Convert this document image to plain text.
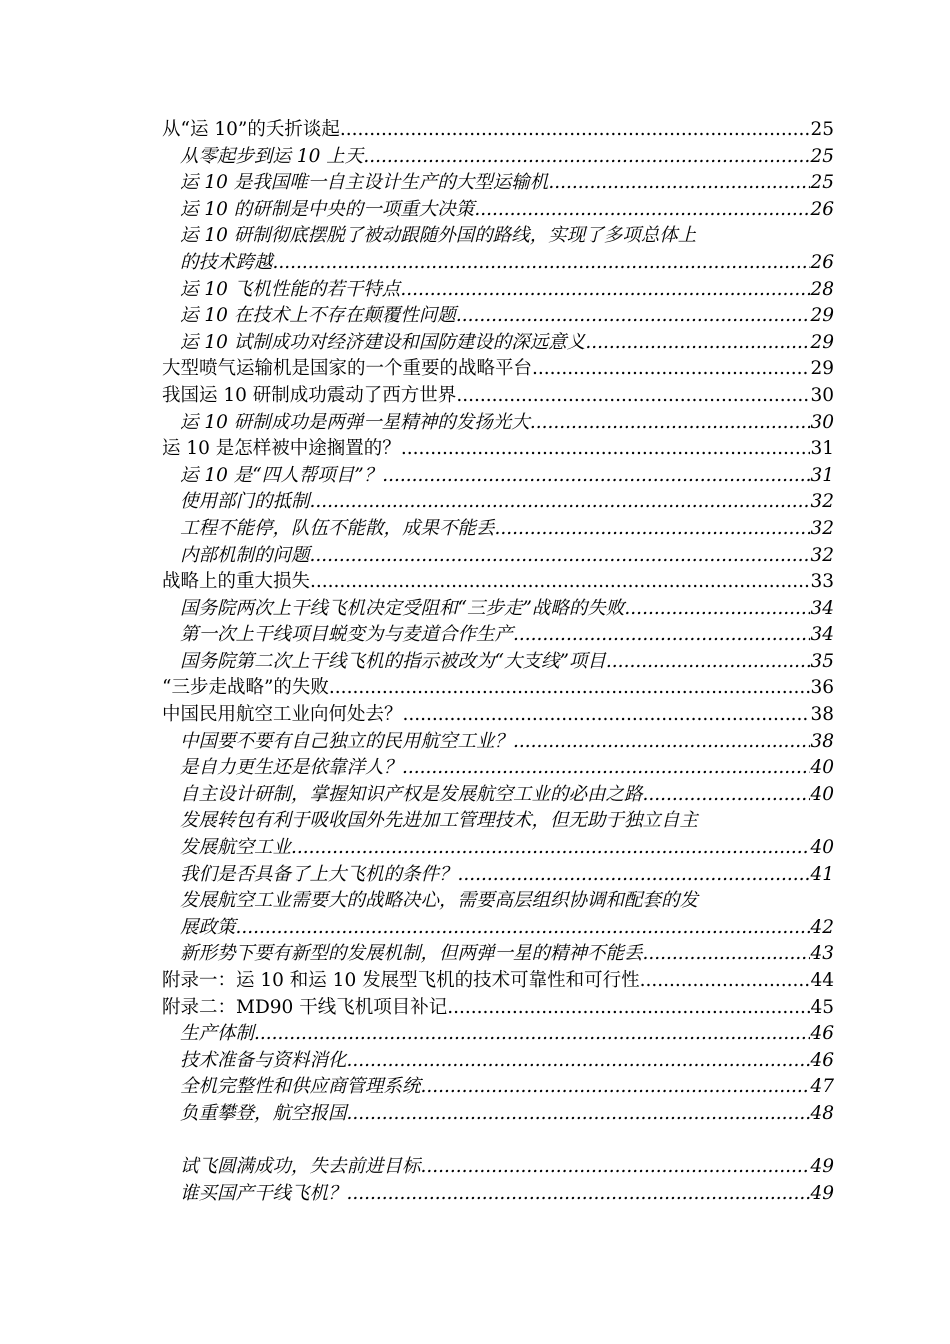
从“运 10”的夭折谈起 .....	25
从零起步到运 10 上天 .....	25
运 10 是我国唯一自主设计生产的大型运输机 .....	25
运 10 的研制是中央的一项重大决策 .....	26
运 10 研制彻底摆脱了被动跟随外国的路线，实现了多项总体上
的技术跨越 .....	26
运 10 飞机性能的若干特点 .....	28
运 10 在技术上不存在颠覆性问题 .....	29
运 10 试制成功对经济建设和国防建设的深远意义 .....	29
大型喷气运输机是国家的一个重要的战略平台 .....	29
我国运 10 研制成功震动了西方世界 .....	30
运 10 研制成功是两弹一星精神的发扬光大 .....	30
运 10 是怎样被中途搁置的？ .....	31
运 10 是“四人帮项目”？ .....	31
使用部门的抵制 .....	32
工程不能停，队伍不能散，成果不能丢 .....	32
内部机制的问题 .....	32
战略上的重大损失 .....	33
国务院两次上干线飞机决定受阻和“三步走”战略的失败 .....	34
第一次上干线项目蜕变为与麦道合作生产 .....	34
国务院第二次上干线飞机的指示被改为“大支线”项目 .....	35
“三步走战略”的失败 .....	36
中国民用航空工业向何处去？ .....	38
中国要不要有自己独立的民用航空工业？ .....	38
是自力更生还是依靠洋人？ .....	40
自主设计研制，掌握知识产权是发展航空工业的必由之路 .....	40
发展转包有利于吸收国外先进加工管理技术，但无助于独立自主
发展航空工业 .....	40
我们是否具备了上大飞机的条件？ .....	41
发展航空工业需要大的战略决心，需要高层组织协调和配套的发
展政策 .....	42
新形势下要有新型的发展机制，但两弹一星的精神不能丢 .....	43
附录一：运 10 和运 10 发展型飞机的技术可靠性和可行性 .....	44
附录二：MD90 干线飞机项目补记 .....	45
生产体制 .....	46
技术准备与资料消化 .....	46
全机完整性和供应商管理系统 .....	47
负重攀登，航空报国 .....	48
试飞圆满成功，失去前进目标 .....	49
谁买国产干线飞机？ .....	49
